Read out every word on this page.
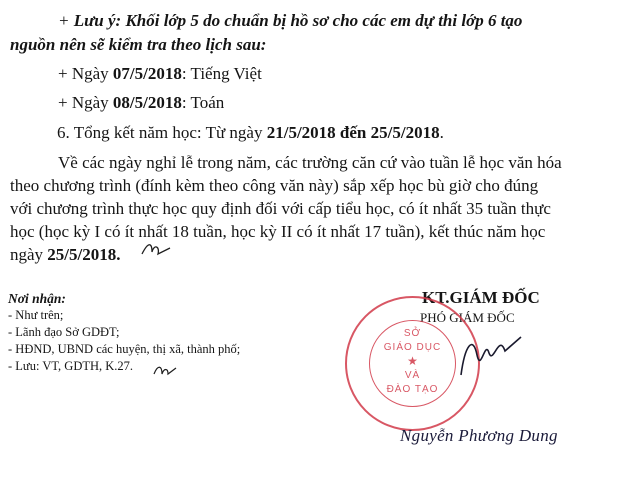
+ Lưu ý: Khối lớp 5 do chuẩn bị hồ sơ cho các em dự thi lớp 6 tạo

nguồn nên sẽ kiểm tra theo lịch sau:

+ Ngày 07/5/2018: Tiếng Việt

+ Ngày 08/5/2018: Toán

6. Tổng kết năm học: Từ ngày 21/5/2018 đến 25/5/2018.

Về các ngày nghỉ lễ trong năm, các trường căn cứ vào tuần lễ học văn hóa

theo chương trình (đính kèm theo công văn này) sắp xếp học bù giờ cho đúng

với chương trình thực học quy định đối với cấp tiểu học, có ít nhất 35 tuần thực

học (học kỳ I có ít nhất 18 tuần, học kỳ II có ít nhất 17 tuần), kết thúc năm học

ngày 25/5/2018.

Nơi nhận:
- Như trên;
- Lãnh đạo Sở GDĐT;
- HĐND, UBND các huyện, thị xã, thành phố;
- Lưu: VT, GDTH, K.27.
KT.GIÁM ĐỐC
PHÓ GIÁM ĐỐC
SỞ
GIÁO DỤC
★
VÀ
ĐÀO TẠO
Nguyễn Phương Dung
